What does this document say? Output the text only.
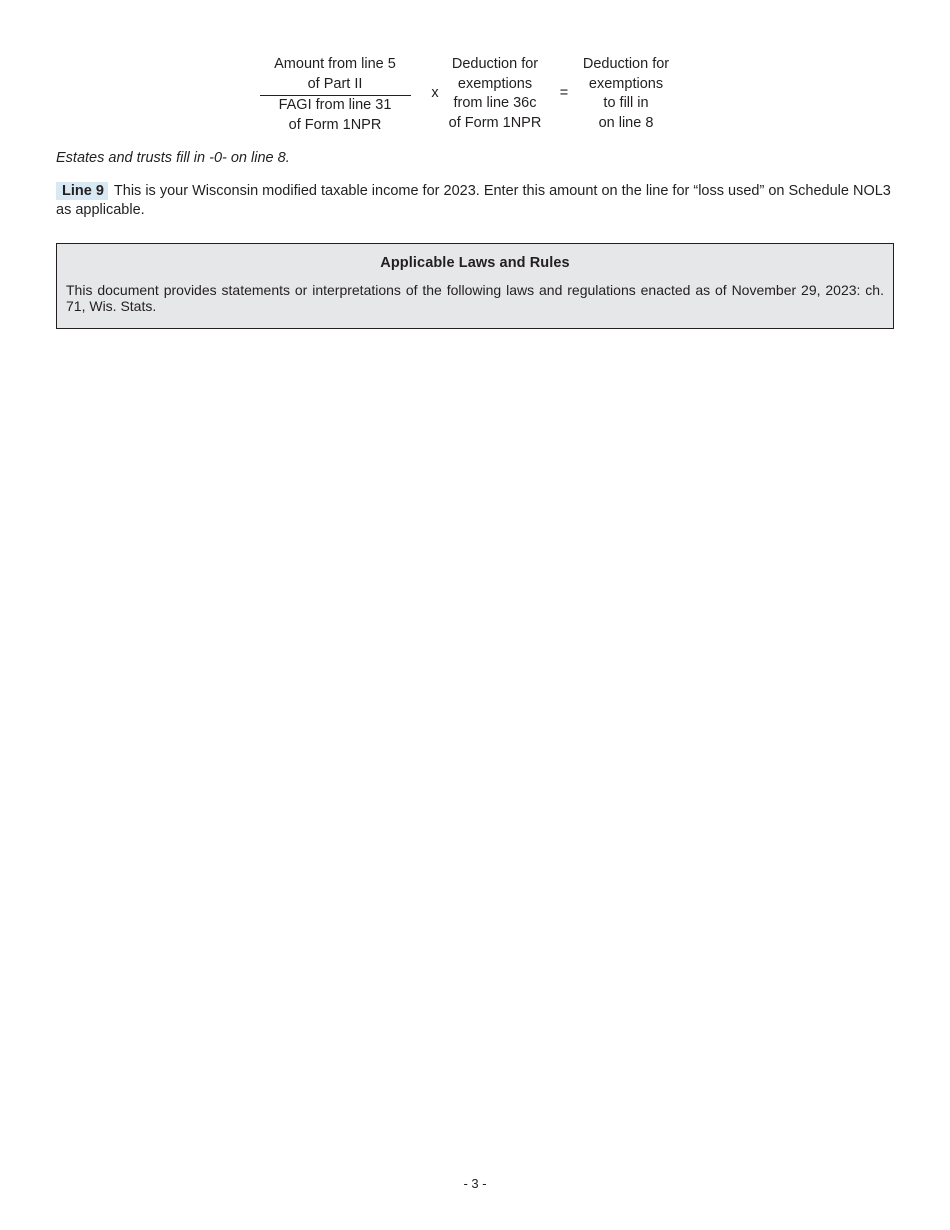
Amount from line 5
of Part II
FAGI from line 31
of Form 1NPR
x
Deduction for
exemptions
from line 36c
of Form 1NPR
=
Deduction for
exemptions
to fill in
on line 8
Estates and trusts fill in -0- on line 8.
Line 9 This is your Wisconsin modified taxable income for 2023. Enter this amount on the line for “loss used” on Schedule NOL3 as applicable.
Applicable Laws and Rules
This document provides statements or interpretations of the following laws and regulations enacted as of November 29, 2023: ch. 71, Wis. Stats.
- 3 -
